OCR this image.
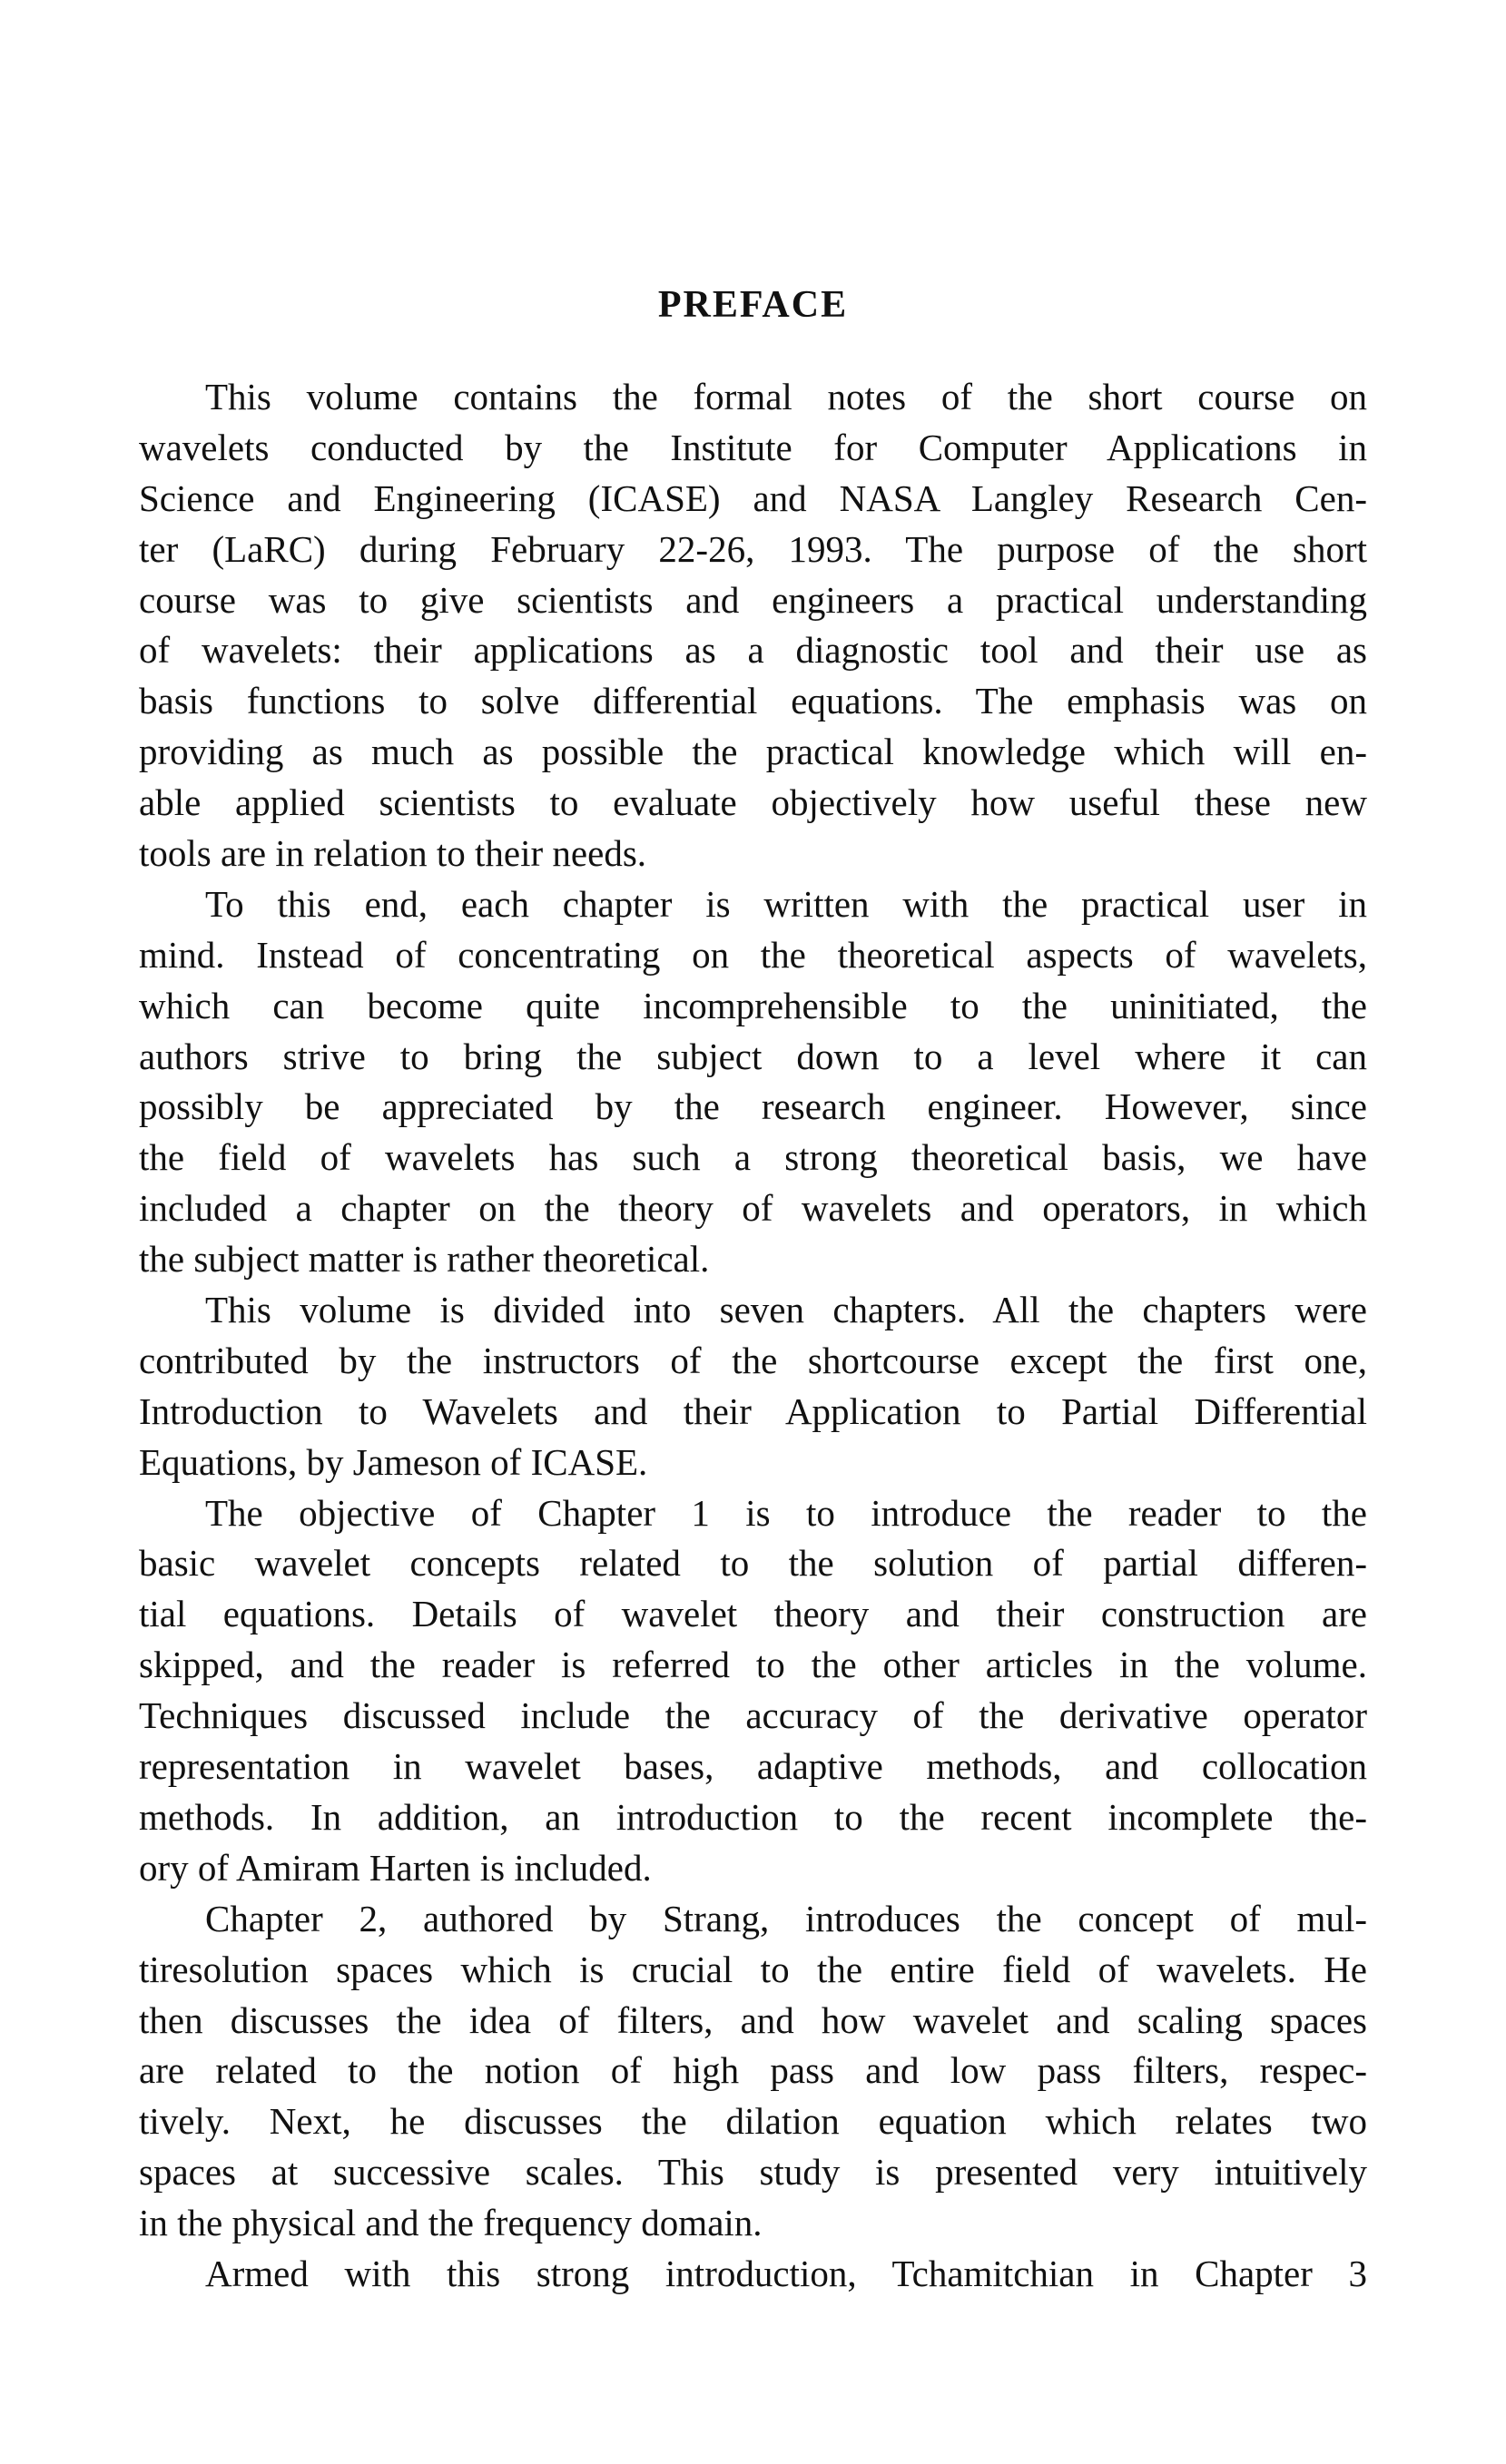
PREFACE
This volume contains the formal notes of the short course on
wavelets conducted by the Institute for Computer Applications in
Science and Engineering (ICASE) and NASA Langley Research Cen-
ter (LaRC) during February 22-26, 1993. The purpose of the short
course was to give scientists and engineers a practical understanding
of wavelets: their applications as a diagnostic tool and their use as
basis functions to solve differential equations. The emphasis was on
providing as much as possible the practical knowledge which will en-
able applied scientists to evaluate objectively how useful these new
tools are in relation to their needs.
To this end, each chapter is written with the practical user in
mind. Instead of concentrating on the theoretical aspects of wavelets,
which can become quite incomprehensible to the uninitiated, the
authors strive to bring the subject down to a level where it can
possibly be appreciated by the research engineer. However, since
the field of wavelets has such a strong theoretical basis, we have
included a chapter on the theory of wavelets and operators, in which
the subject matter is rather theoretical.
This volume is divided into seven chapters. All the chapters were
contributed by the instructors of the shortcourse except the first one,
Introduction to Wavelets and their Application to Partial Differential
Equations, by Jameson of ICASE.
The objective of Chapter 1 is to introduce the reader to the
basic wavelet concepts related to the solution of partial differen-
tial equations. Details of wavelet theory and their construction are
skipped, and the reader is referred to the other articles in the volume.
Techniques discussed include the accuracy of the derivative operator
representation in wavelet bases, adaptive methods, and collocation
methods. In addition, an introduction to the recent incomplete the-
ory of Amiram Harten is included.
Chapter 2, authored by Strang, introduces the concept of mul-
tiresolution spaces which is crucial to the entire field of wavelets. He
then discusses the idea of filters, and how wavelet and scaling spaces
are related to the notion of high pass and low pass filters, respec-
tively. Next, he discusses the dilation equation which relates two
spaces at successive scales. This study is presented very intuitively
in the physical and the frequency domain.
Armed with this strong introduction, Tchamitchian in Chapter 3
